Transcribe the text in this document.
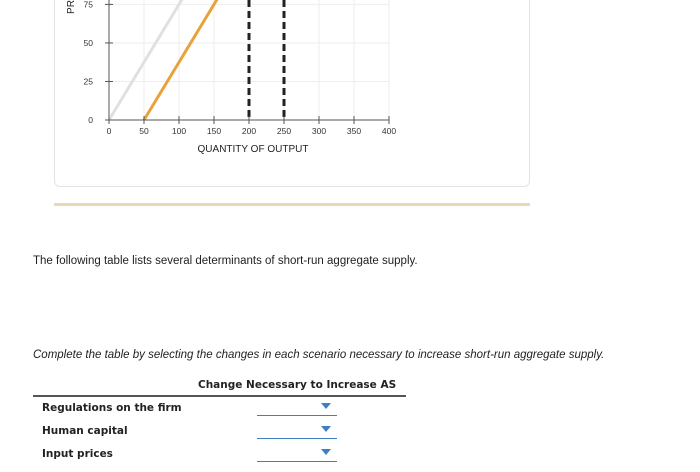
0	50	100 150 200 250 300 350 400
0
25
50
75
QUANTITY OF OUTPUT
PR
The following table lists several determinants of short-run aggregate supply.
Complete the table by selecting the changes in each scenario necessary to increase short-run aggregate supply.
Change Necessary to Increase AS
Regulations on the firm
Human capital
Input prices
